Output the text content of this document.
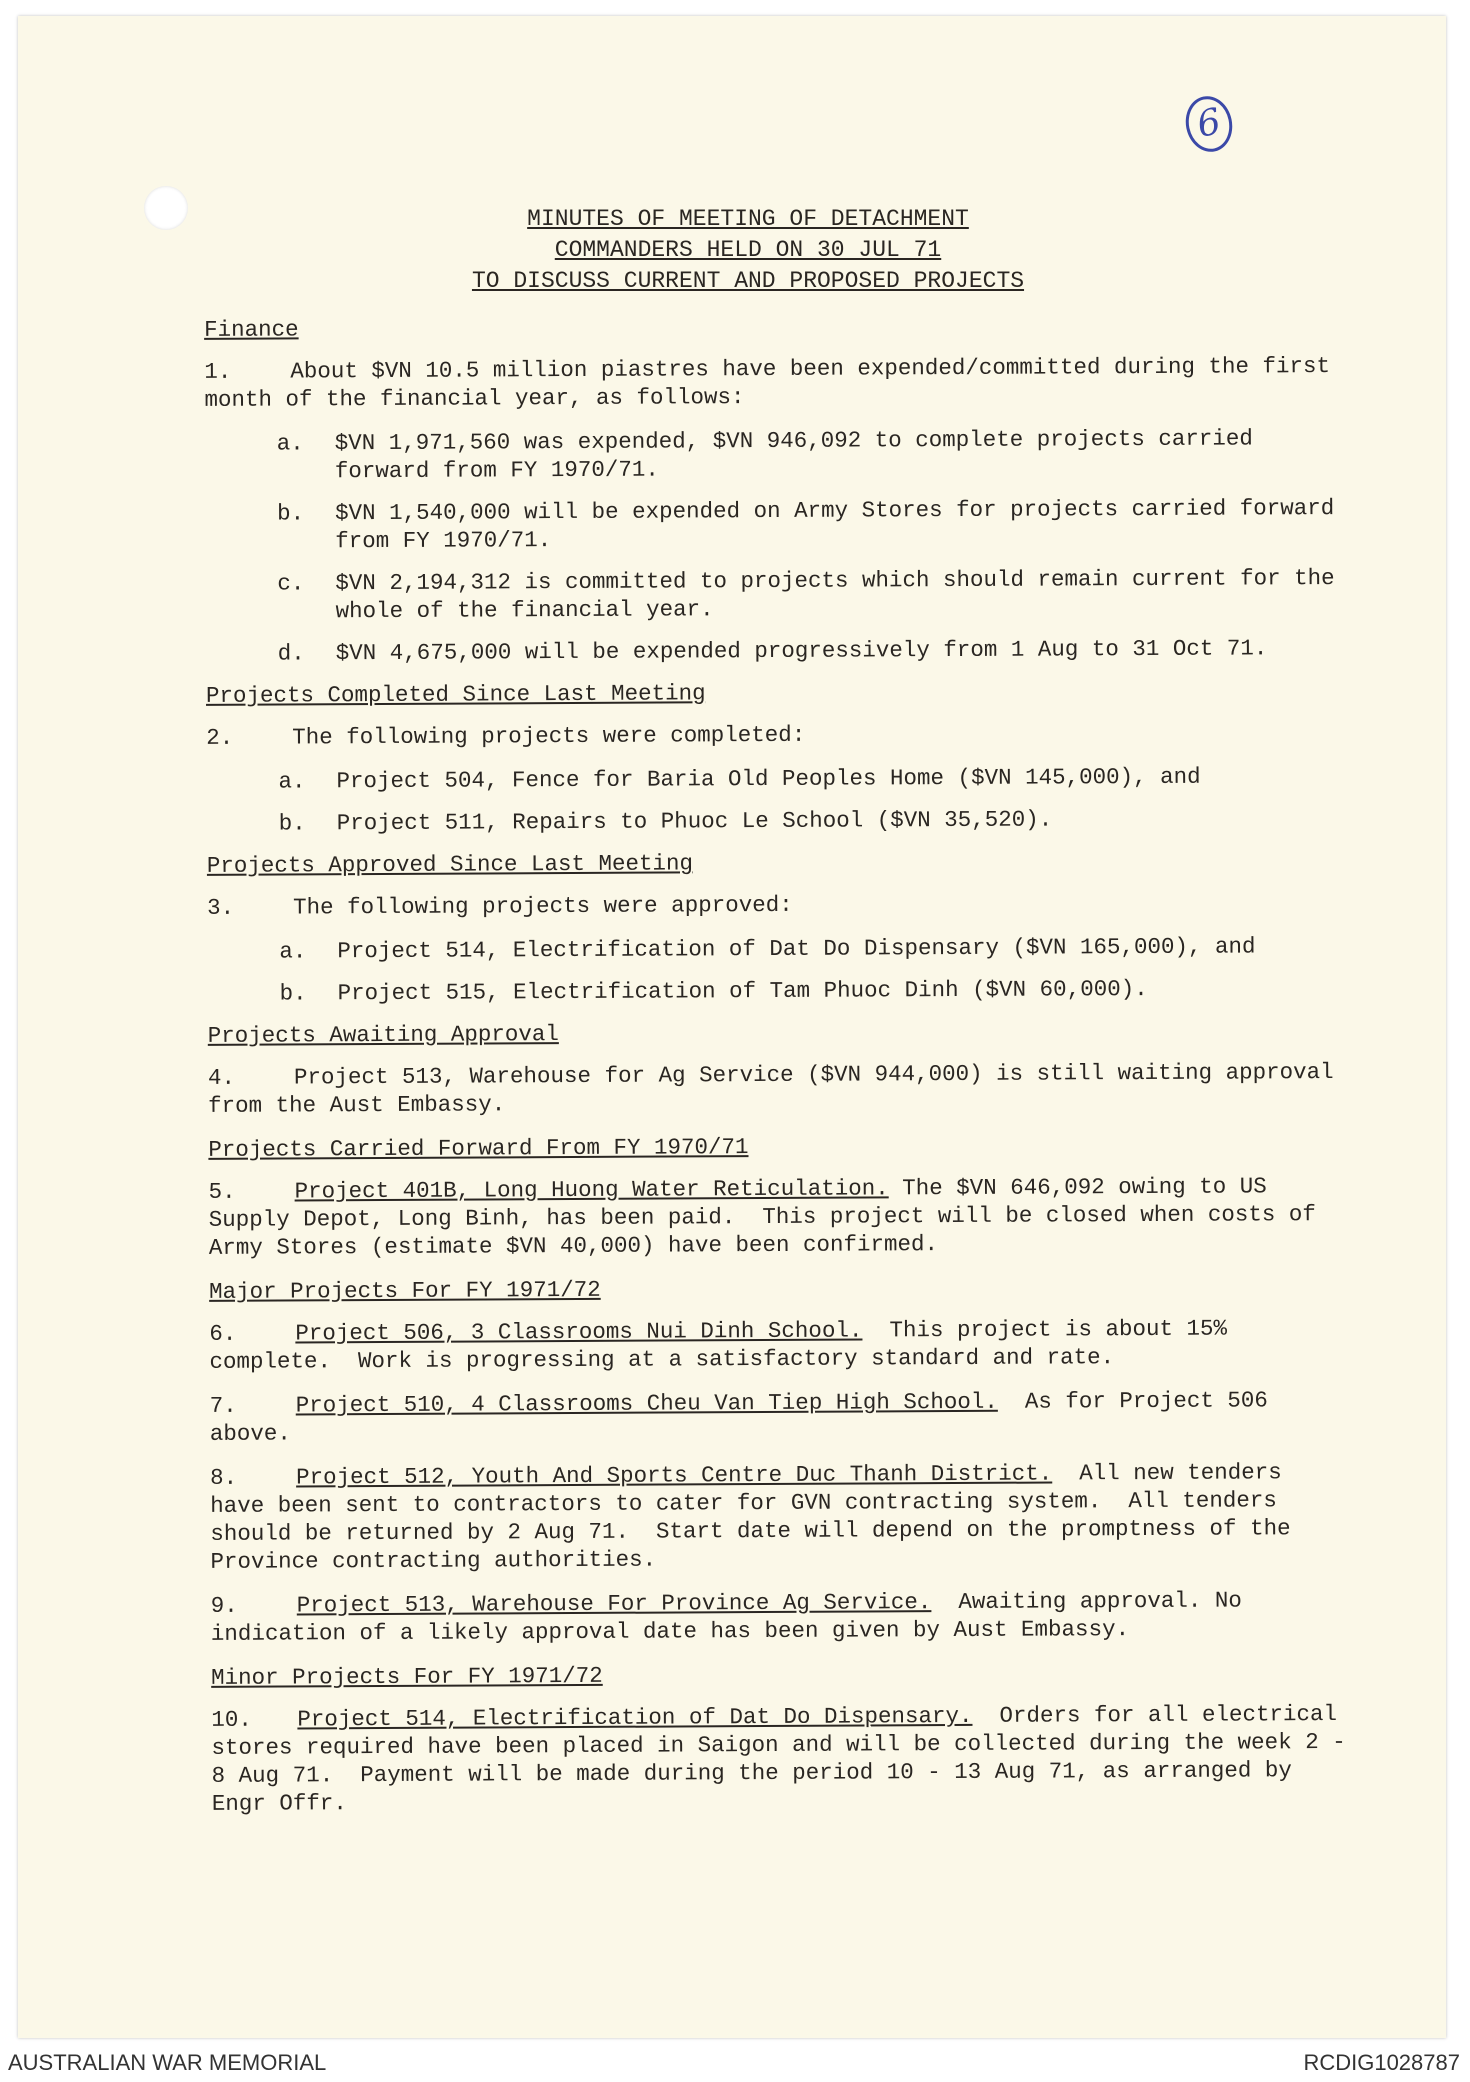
6
MINUTES OF MEETING OF DETACHMENT
COMMANDERS HELD ON 30 JUL 71
TO DISCUSS CURRENT AND PROPOSED PROJECTS
Finance
1.	About $VN 10.5 million piastres have been expended/committed during the first month of the financial year, as follows:
a. $VN 1,971,560 was expended, $VN 946,092 to complete projects carried forward from FY 1970/71.
b. $VN 1,540,000 will be expended on Army Stores for projects carried forward from FY 1970/71.
c. $VN 2,194,312 is committed to projects which should remain current for the whole of the financial year.
d. $VN 4,675,000 will be expended progressively from 1 Aug to 31 Oct 71.
Projects Completed Since Last Meeting
2.	The following projects were completed:
a. Project 504, Fence for Baria Old Peoples Home ($VN 145,000), and
b. Project 511, Repairs to Phuoc Le School ($VN 35,520).
Projects Approved Since Last Meeting
3.	The following projects were approved:
a. Project 514, Electrification of Dat Do Dispensary ($VN 165,000), and
b. Project 515, Electrification of Tam Phuoc Dinh ($VN 60,000).
Projects Awaiting Approval
4.	Project 513, Warehouse for Ag Service ($VN 944,000) is still waiting approval from the Aust Embassy.
Projects Carried Forward From FY 1970/71
5.	Project 401B, Long Huong Water Reticulation. The $VN 646,092 owing to US Supply Depot, Long Binh, has been paid.  This project will be closed when costs of Army Stores (estimate $VN 40,000) have been confirmed.
Major Projects For FY 1971/72
6.	Project 506, 3 Classrooms Nui Dinh School.  This project is about 15% complete.  Work is progressing at a satisfactory standard and rate.
7.	Project 510, 4 Classrooms Cheu Van Tiep High School.  As for Project 506 above.
8.	Project 512, Youth And Sports Centre Duc Thanh District.  All new tenders have been sent to contractors to cater for GVN contracting system.  All tenders should be returned by 2 Aug 71.  Start date will depend on the promptness of the Province contracting authorities.
9.	Project 513, Warehouse For Province Ag Service.  Awaiting approval. No indication of a likely approval date has been given by Aust Embassy.
Minor Projects For FY 1971/72
10. Project 514, Electrification of Dat Do Dispensary.  Orders for all electrical stores required have been placed in Saigon and will be collected during the week 2 - 8 Aug 71.  Payment will be made during the period 10 - 13 Aug 71, as arranged by Engr Offr.
AUSTRALIAN WAR MEMORIAL	RCDIG1028787
